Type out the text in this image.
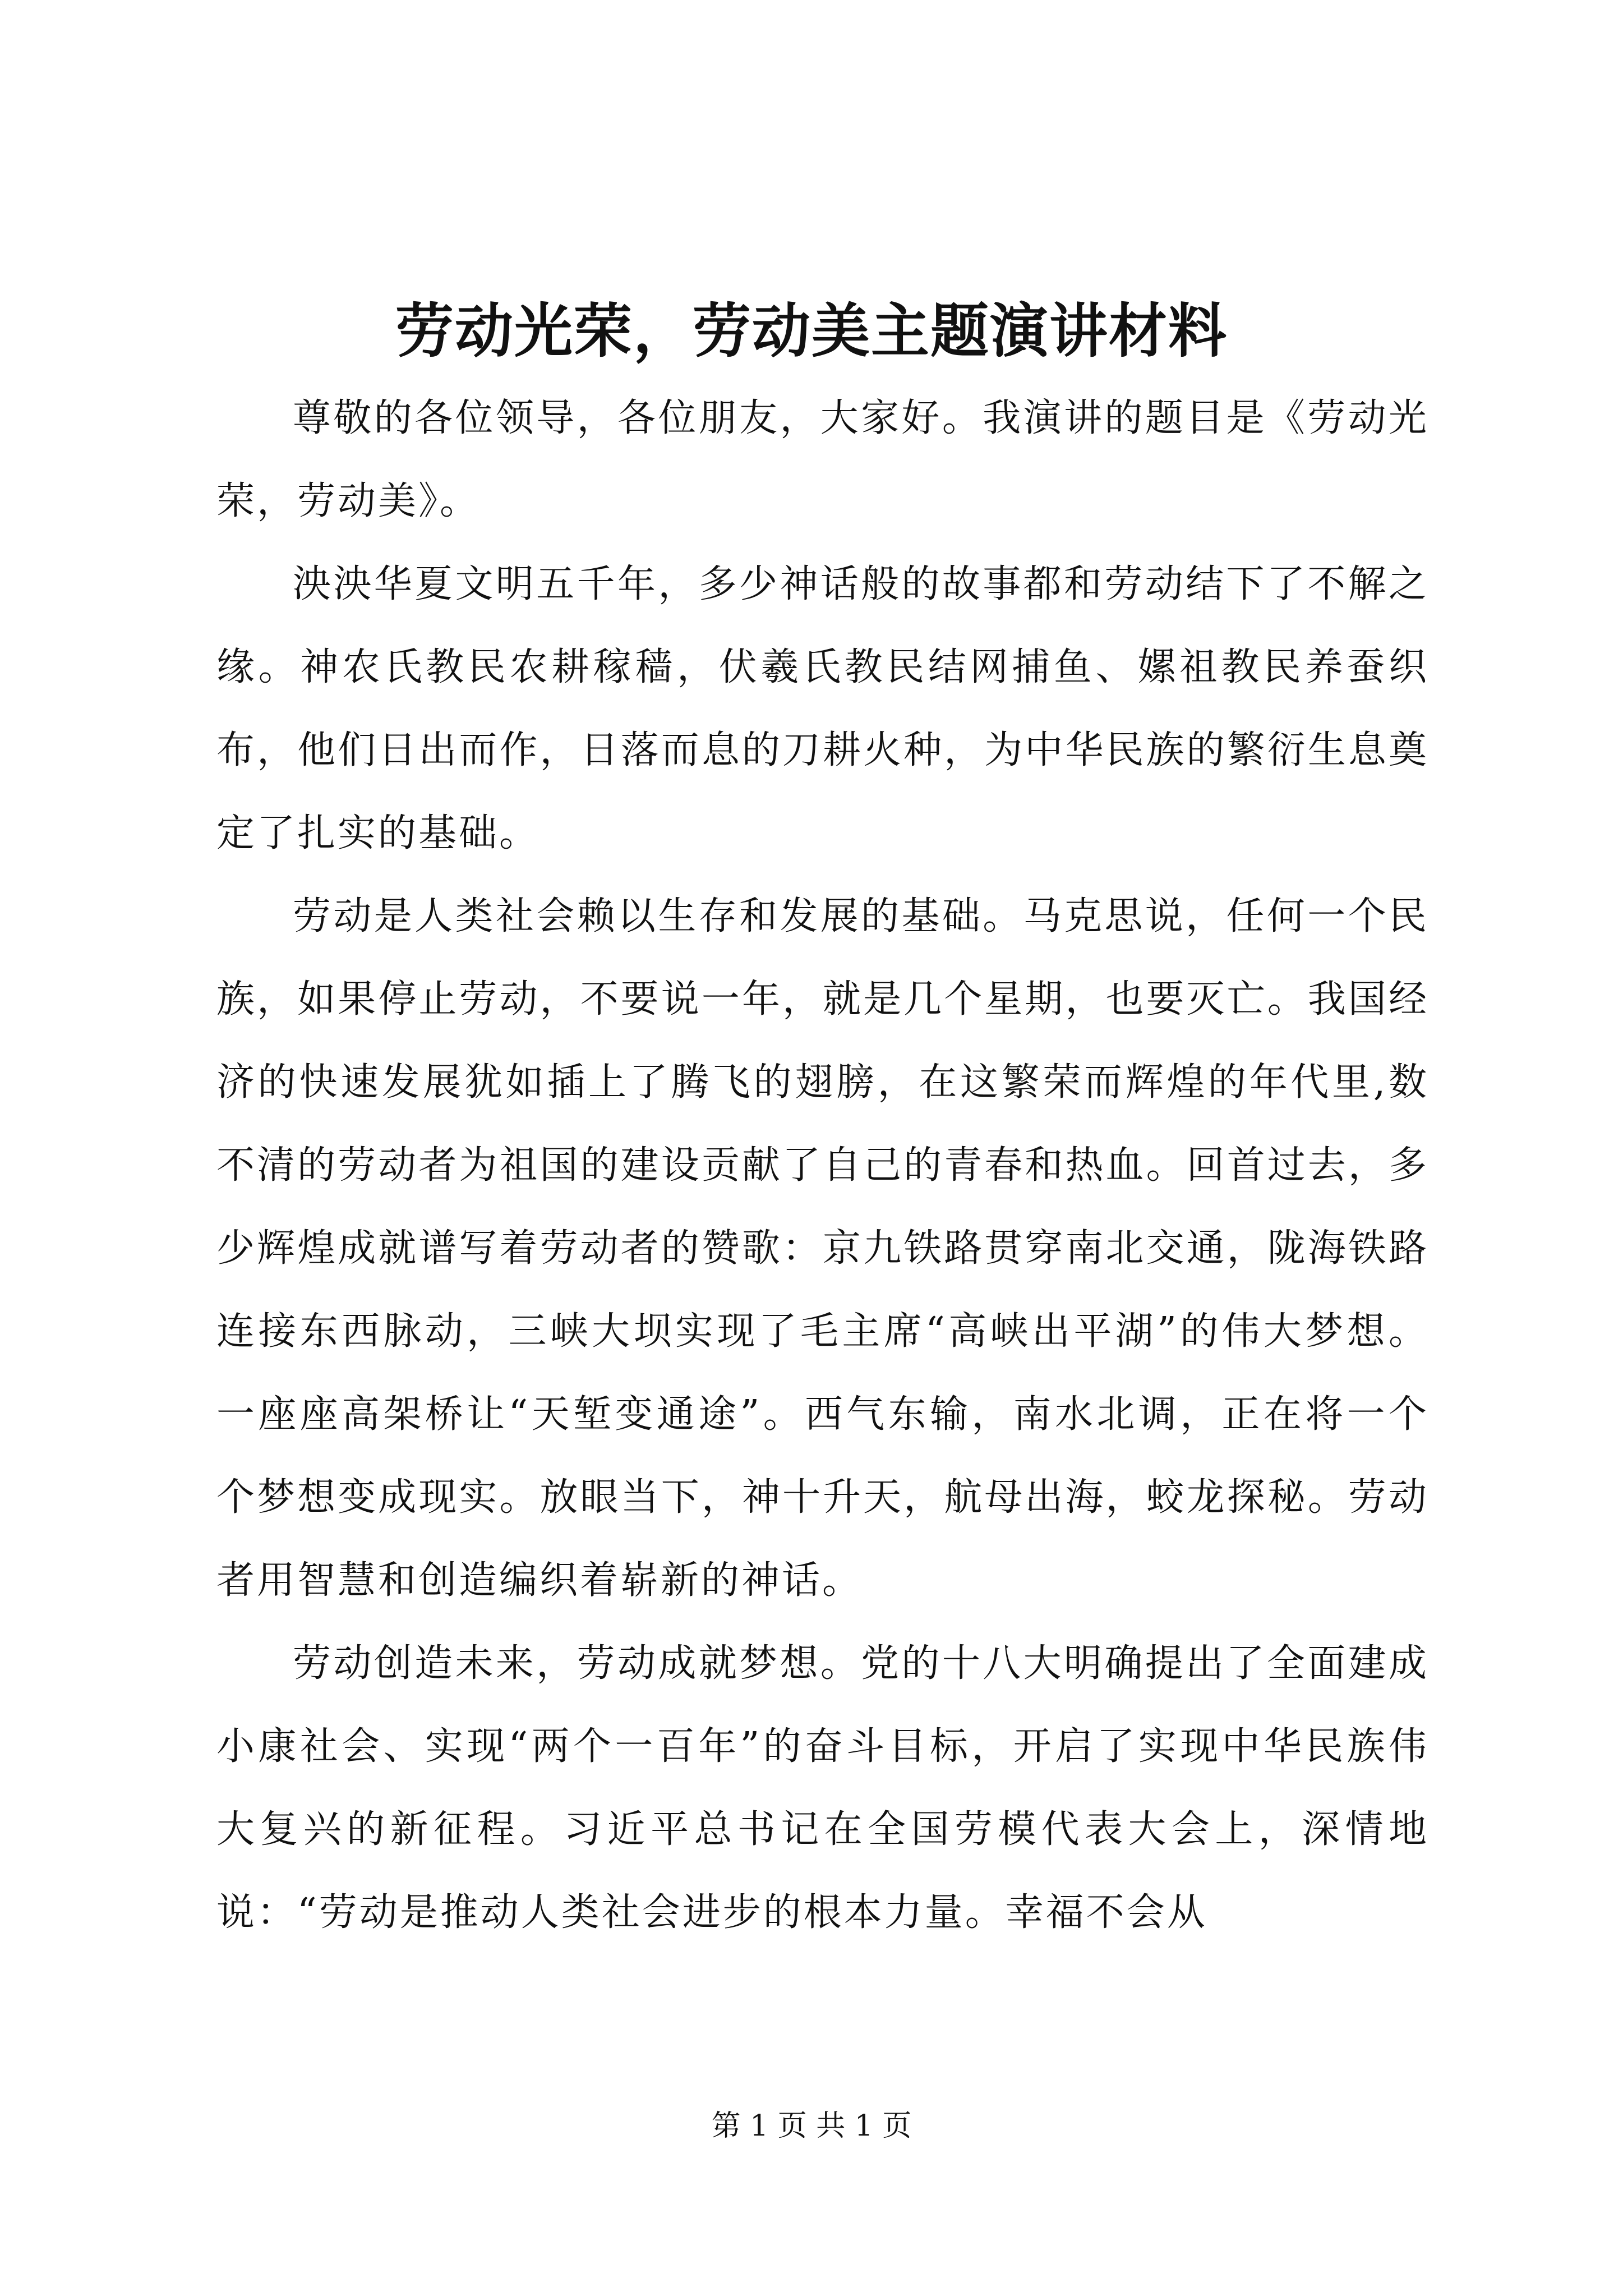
劳动光荣，劳动美主题演讲材料

尊敬的各位领导，各位朋友，大家好。我演讲的题目是《劳动光荣，劳动美》。

泱泱华夏文明五千年，多少神话般的故事都和劳动结下了不解之缘。神农氏教民农耕稼穑，伏羲氏教民结网捕鱼、嫘祖教民养蚕织布，他们日出而作，日落而息的刀耕火种，为中华民族的繁衍生息奠定了扎实的基础。

劳动是人类社会赖以生存和发展的基础。马克思说，任何一个民族，如果停止劳动，不要说一年，就是几个星期，也要灭亡。我国经济的快速发展犹如插上了腾飞的翅膀，在这繁荣而辉煌的年代里,数不清的劳动者为祖国的建设贡献了自己的青春和热血。回首过去，多少辉煌成就谱写着劳动者的赞歌：京九铁路贯穿南北交通，陇海铁路连接东西脉动，三峡大坝实现了毛主席“高峡出平湖”的伟大梦想。一座座高架桥让“天堑变通途”。西气东输，南水北调，正在将一个个梦想变成现实。放眼当下，神十升天，航母出海，蛟龙探秘。劳动者用智慧和创造编织着崭新的神话。

劳动创造未来，劳动成就梦想。党的十八大明确提出了全面建成小康社会、实现“两个一百年”的奋斗目标，开启了实现中华民族伟大复兴的新征程。习近平总书记在全国劳模代表大会上，深情地说：“劳动是推动人类社会进步的根本力量。幸福不会从

第 1 页 共 1 页
